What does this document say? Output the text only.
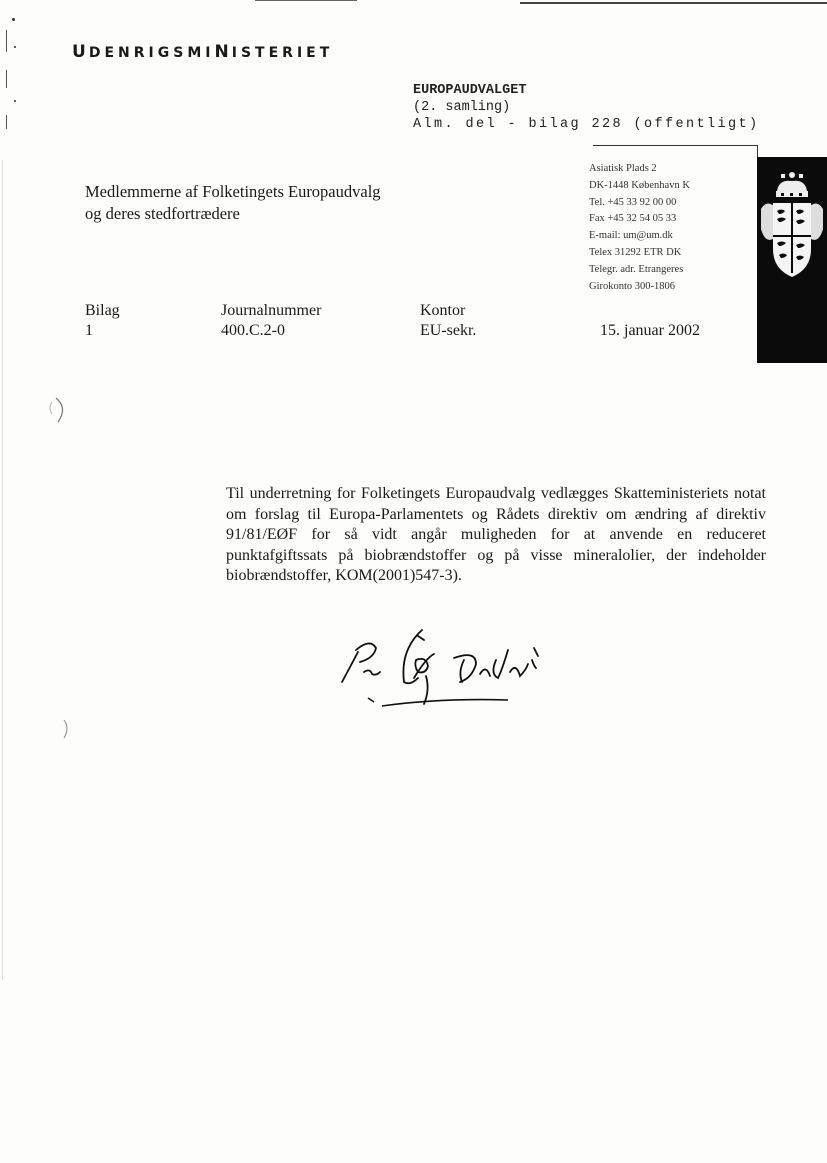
UDENRIGSMINISTERIET
EUROPAUDVALGET
(2. samling)
Alm. del - bilag 228 (offentligt)
Medlemmerne af Folketingets Europaudvalg
og deres stedfortrædere
Asiatisk Plads 2
DK-1448 København K
Tel. +45 33 92 00 00
Fax +45 32 54 05 33
E-mail: um@um.dk
Telex 31292 ETR DK
Telegr. adr. Etrangeres
Girokonto 300-1806
Bilag
1
Journalnummer
400.C.2-0
Kontor
EU-sekr.	15. januar 2002
Til underretning for Folketingets Europaudvalg vedlægges Skatteministeriets notat om forslag til Europa-Parlamentets og Rådets direktiv om ændring af direktiv 91/81/EØF for så vidt angår muligheden for at anvende en reduceret punktafgiftssats på biobrændstoffer og på visse mineralolier, der indeholder biobrændstoffer, KOM(2001)547-3).
